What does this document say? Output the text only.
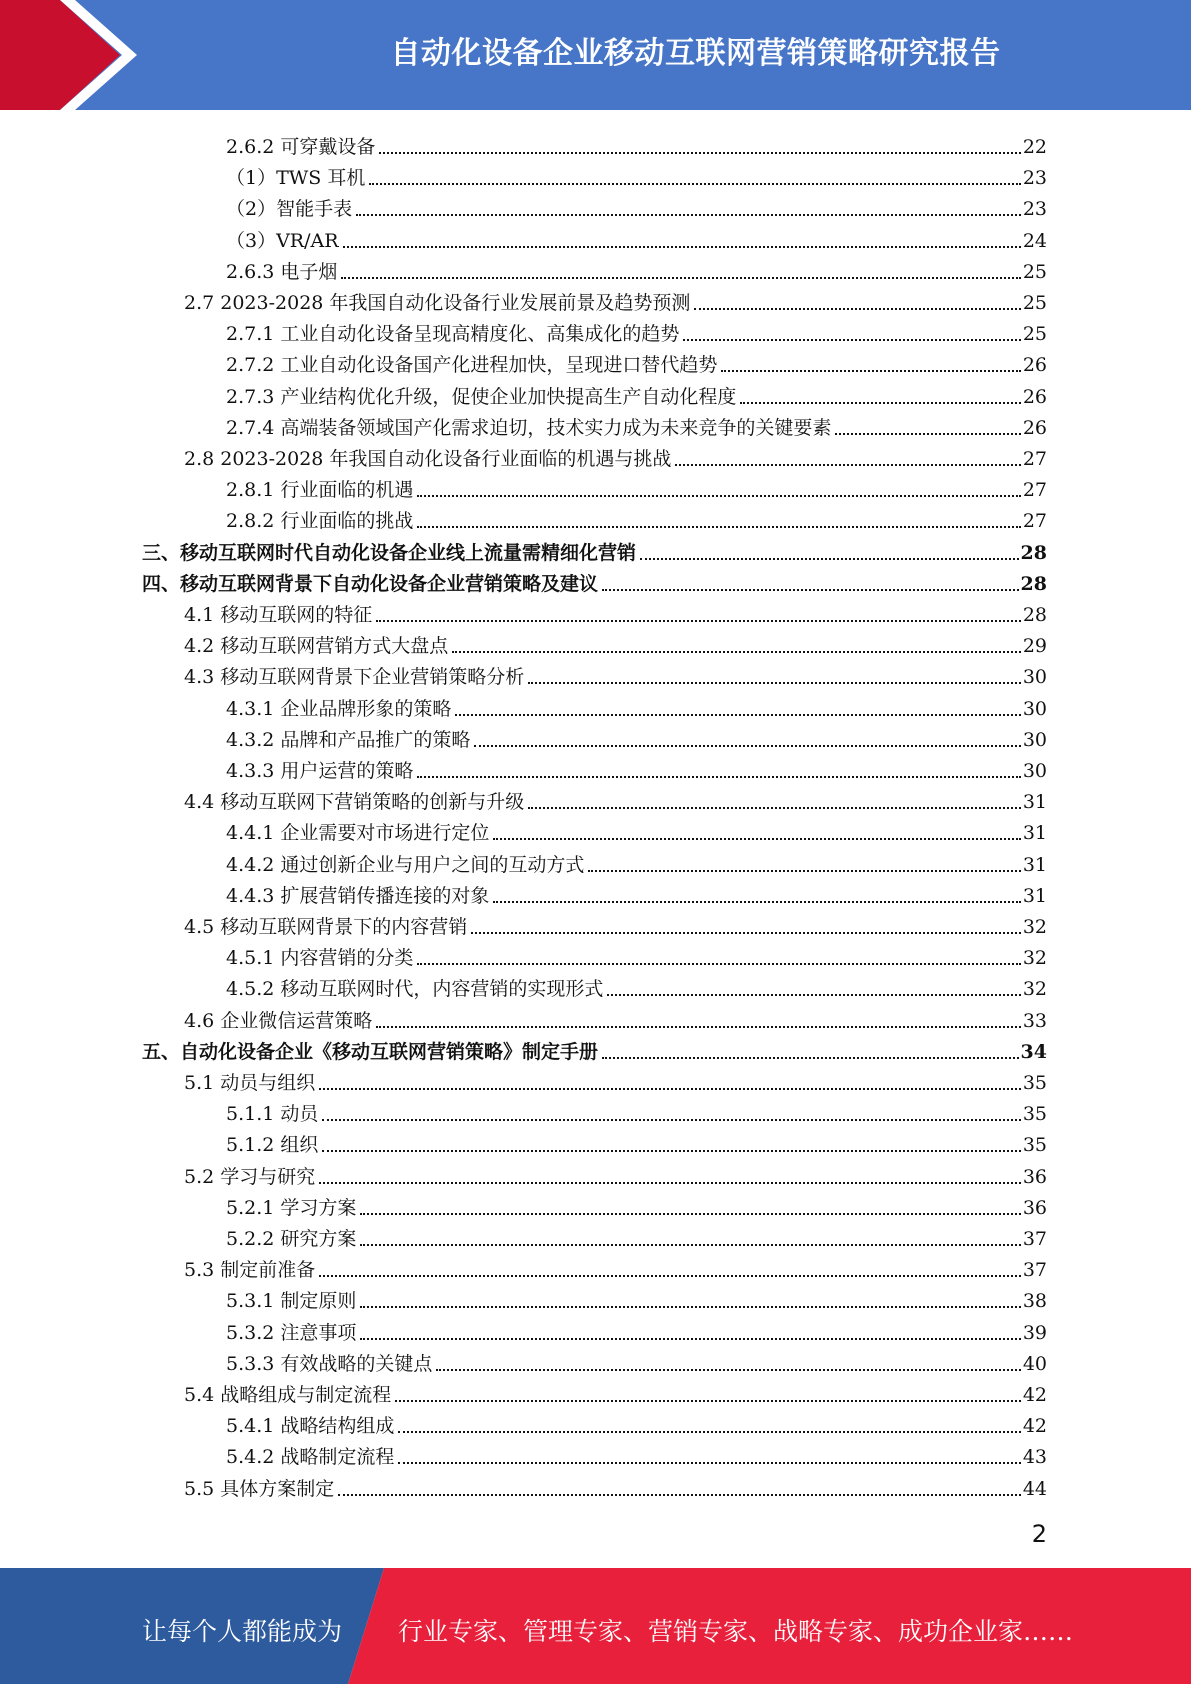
自动化设备企业移动互联网营销策略研究报告
2.6.2 可穿戴设备	22
（1）TWS 耳机	23
（2）智能手表	23
（3）VR/AR	24
2.6.3 电子烟	25
2.7 2023-2028 年我国自动化设备行业发展前景及趋势预测	25
2.7.1 工业自动化设备呈现高精度化、高集成化的趋势	25
2.7.2 工业自动化设备国产化进程加快，呈现进口替代趋势	26
2.7.3 产业结构优化升级，促使企业加快提高生产自动化程度	26
2.7.4 高端装备领域国产化需求迫切，技术实力成为未来竞争的关键要素	26
2.8 2023-2028 年我国自动化设备行业面临的机遇与挑战	27
2.8.1 行业面临的机遇	27
2.8.2 行业面临的挑战	27
三、移动互联网时代自动化设备企业线上流量需精细化营销	28
四、移动互联网背景下自动化设备企业营销策略及建议	28
4.1 移动互联网的特征	28
4.2 移动互联网营销方式大盘点	29
4.3 移动互联网背景下企业营销策略分析	30
4.3.1 企业品牌形象的策略	30
4.3.2 品牌和产品推广的策略	30
4.3.3 用户运营的策略	30
4.4 移动互联网下营销策略的创新与升级	31
4.4.1 企业需要对市场进行定位	31
4.4.2 通过创新企业与用户之间的互动方式	31
4.4.3 扩展营销传播连接的对象	31
4.5 移动互联网背景下的内容营销	32
4.5.1 内容营销的分类	32
4.5.2 移动互联网时代，内容营销的实现形式	32
4.6 企业微信运营策略	33
五、自动化设备企业《移动互联网营销策略》制定手册	34
5.1 动员与组织	35
5.1.1 动员	35
5.1.2 组织	35
5.2 学习与研究	36
5.2.1 学习方案	36
5.2.2 研究方案	37
5.3 制定前准备	37
5.3.1 制定原则	38
5.3.2 注意事项	39
5.3.3 有效战略的关键点	40
5.4 战略组成与制定流程	42
5.4.1 战略结构组成	42
5.4.2 战略制定流程	43
5.5 具体方案制定	44
2
让每个人都能成为 行业专家、管理专家、营销专家、战略专家、成功企业家……
